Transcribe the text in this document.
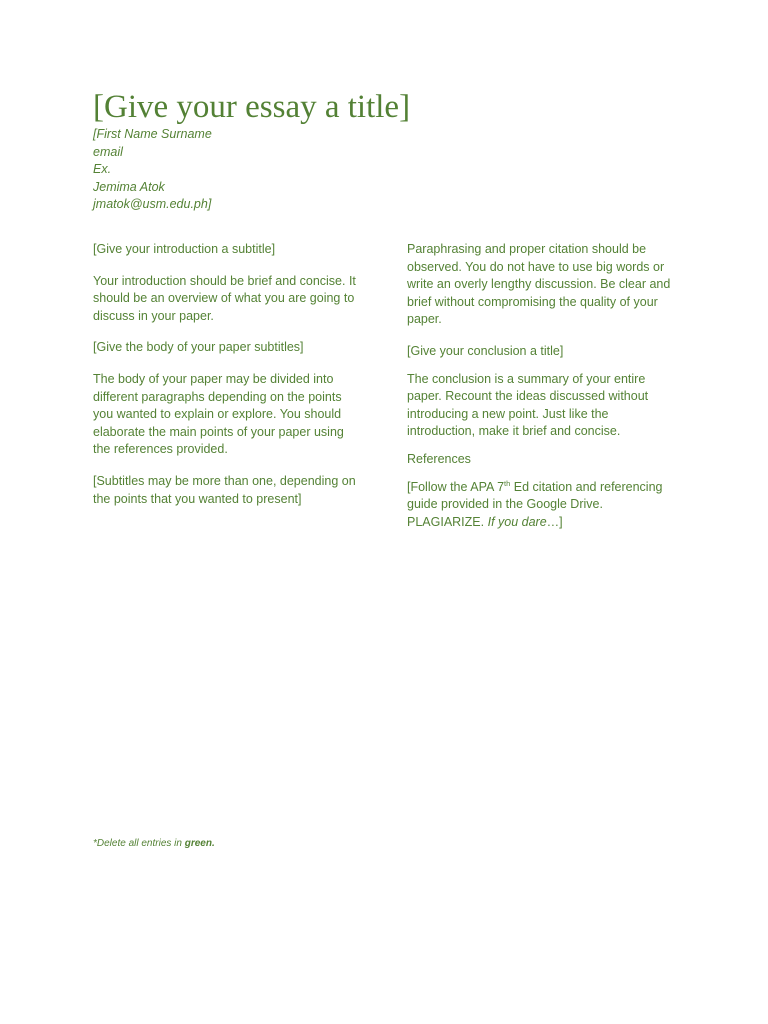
[Give your essay a title]
[First Name Surname
email
Ex.
Jemima Atok
jmatok@usm.edu.ph]

[Give your introduction a subtitle]

Your introduction should be brief and concise. It should be an overview of what you are going to discuss in your paper.

[Give the body of your paper subtitles]

The body of your paper may be divided into different paragraphs depending on the points you wanted to explain or explore. You should elaborate the main points of your paper using the references provided.

[Subtitles may be more than one, depending on the points that you wanted to present]

Paraphrasing and proper citation should be observed. You do not have to use big words or write an overly lengthy discussion. Be clear and brief without compromising the quality of your paper.

[Give your conclusion a title]

The conclusion is a summary of your entire paper. Recount the ideas discussed without introducing a new point. Just like the introduction, make it brief and concise.

References

[Follow the APA 7th Ed citation and referencing guide provided in the Google Drive. PLAGIARIZE. If you dare…]

*Delete all entries in green.
